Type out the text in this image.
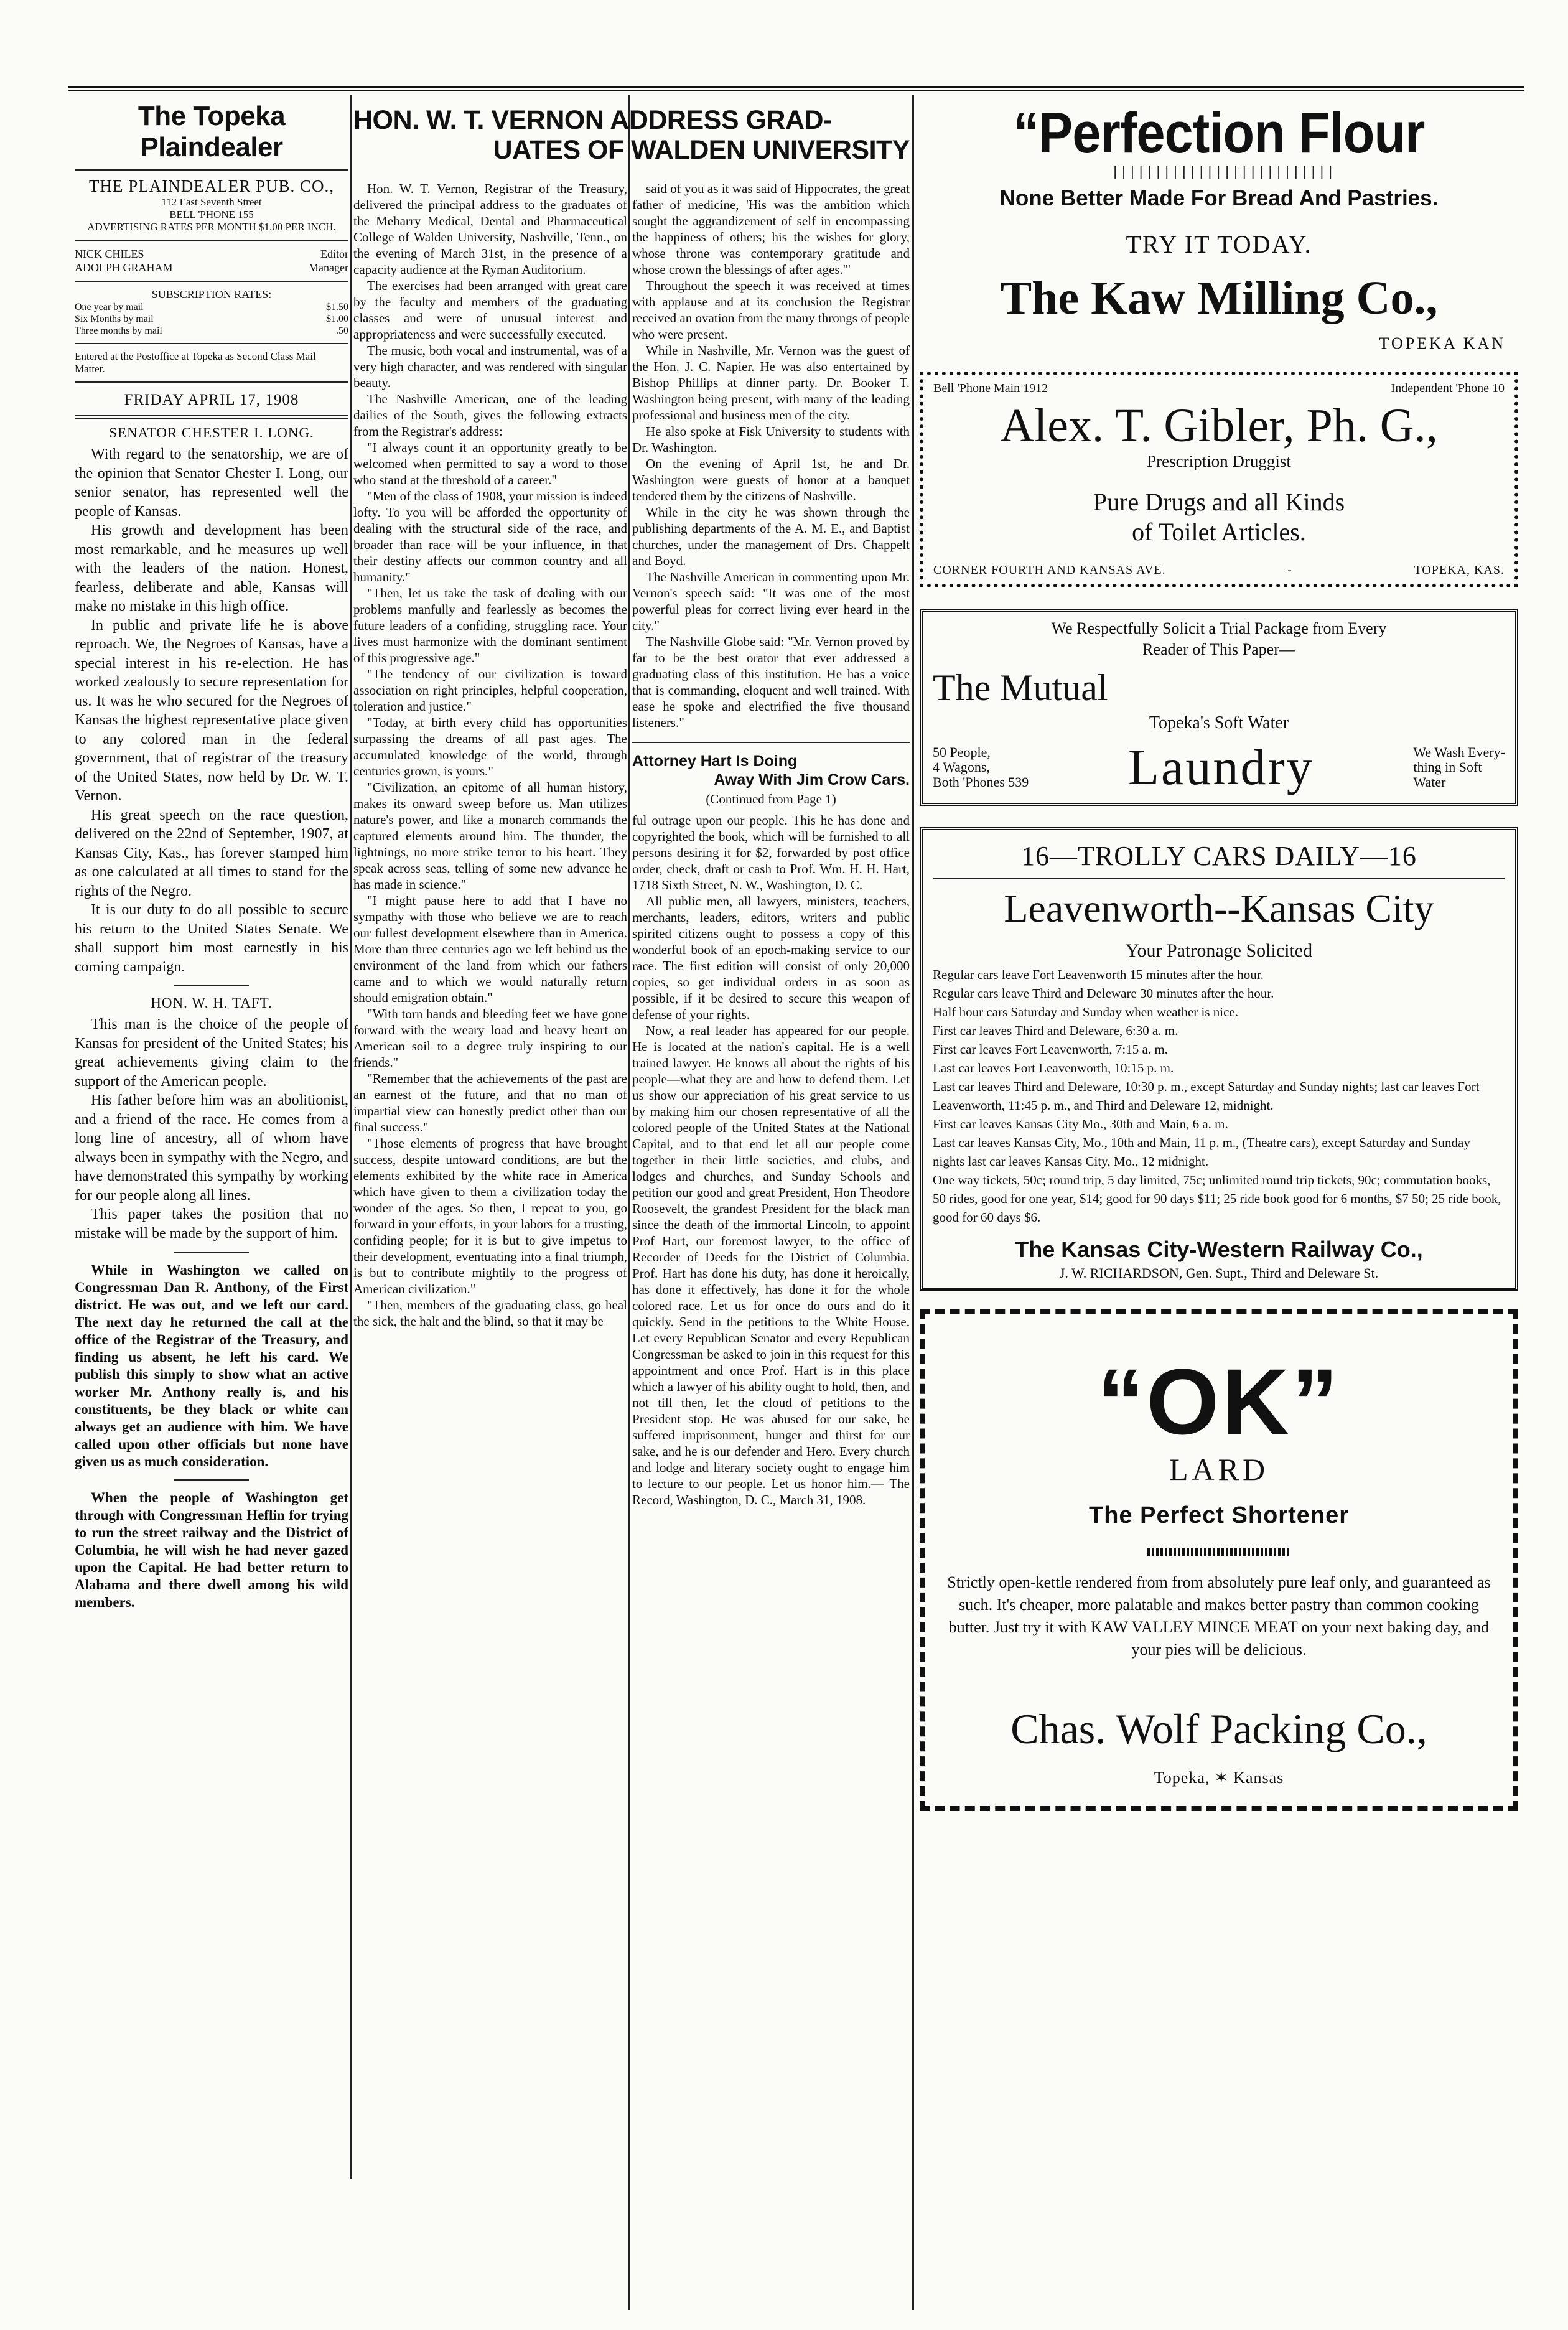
HON. W. T. VERNON ADDRESS GRAD-
UATES OF WALDEN UNIVERSITY
The Topeka Plaindealer
THE PLAINDEALER PUB. CO.,
112 East Seventh Street
BELL 'PHONE 155
ADVERTISING RATES PER MONTH $1.00 PER INCH.
NICK CHILES	Editor
ADOLPH GRAHAM	Manager
SUBSCRIPTION RATES:
One year by mail	$1.50
Six Months by mail	$1.00
Three months by mail	.50
Entered at the Postoffice at Topeka as Second Class Mail Matter.
FRIDAY APRIL 17, 1908
SENATOR CHESTER I. LONG.

With regard to the senatorship, we are of the opinion that Senator Chester I. Long, our senior senator, has represented well the people of Kansas.

His growth and development has been most remarkable, and he measures up well with the leaders of the nation. Honest, fearless, deliberate and able, Kansas will make no mistake in this high office.

In public and private life he is above reproach. We, the Negroes of Kansas, have a special interest in his re-election. He has worked zealously to secure representation for us. It was he who secured for the Negroes of Kansas the highest representative place given to any colored man in the federal government, that of registrar of the treasury of the United States, now held by Dr. W. T. Vernon.

His great speech on the race question, delivered on the 22nd of September, 1907, at Kansas City, Kas., has forever stamped him as one calculated at all times to stand for the rights of the Negro.

It is our duty to do all possible to secure his return to the United States Senate. We shall support him most earnestly in his coming campaign.

HON. W. H. TAFT.

This man is the choice of the people of Kansas for president of the United States; his great achievements giving claim to the support of the American people.

His father before him was an abolitionist, and a friend of the race. He comes from a long line of ancestry, all of whom have always been in sympathy with the Negro, and have demonstrated this sympathy by working for our people along all lines.

This paper takes the position that no mistake will be made by the support of him.

While in Washington we called on Congressman Dan R. Anthony, of the First district. He was out, and we left our card. The next day he returned the call at the office of the Registrar of the Treasury, and finding us absent, he left his card. We publish this simply to show what an active worker Mr. Anthony really is, and his constituents, be they black or white can always get an audience with him. We have called upon other officials but none have given us as much consideration.

When the people of Washington get through with Congressman Heflin for trying to run the street railway and the District of Columbia, he will wish he had never gazed upon the Capital. He had better return to Alabama and there dwell among his wild members.

Hon. W. T. Vernon, Registrar of the Treasury, delivered the principal address to the graduates of the Meharry Medical, Dental and Pharmaceutical College of Walden University, Nashville, Tenn., on the evening of March 31st, in the presence of a capacity audience at the Ryman Auditorium.

The exercises had been arranged with great care by the faculty and members of the graduating classes and were of unusual interest and appropriateness and were successfully executed.

The music, both vocal and instrumental, was of a very high character, and was rendered with singular beauty.

The Nashville American, one of the leading dailies of the South, gives the following extracts from the Registrar's address:

"I always count it an opportunity greatly to be welcomed when permitted to say a word to those who stand at the threshold of a career."

"Men of the class of 1908, your mission is indeed lofty. To you will be afforded the opportunity of dealing with the structural side of the race, and broader than race will be your influence, in that their destiny affects our common country and all humanity."

"Then, let us take the task of dealing with our problems manfully and fearlessly as becomes the future leaders of a confiding, struggling race. Your lives must harmonize with the dominant sentiment of this progressive age."

"The tendency of our civilization is toward association on right principles, helpful cooperation, toleration and justice."

"Today, at birth every child has opportunities surpassing the dreams of all past ages. The accumulated knowledge of the world, through centuries grown, is yours."

"Civilization, an epitome of all human history, makes its onward sweep before us. Man utilizes nature's power, and like a monarch commands the captured elements around him. The thunder, the lightnings, no more strike terror to his heart. They speak across seas, telling of some new advance he has made in science."

"I might pause here to add that I have no sympathy with those who believe we are to reach our fullest development elsewhere than in America. More than three centuries ago we left behind us the environment of the land from which our fathers came and to which we would naturally return should emigration obtain."

"With torn hands and bleeding feet we have gone forward with the weary load and heavy heart on American soil to a degree truly inspiring to our friends."

"Remember that the achievements of the past are an earnest of the future, and that no man of impartial view can honestly predict other than our final success."

"Those elements of progress that have brought success, despite untoward conditions, are but the elements exhibited by the white race in America which have given to them a civilization today the wonder of the ages. So then, I repeat to you, go forward in your efforts, in your labors for a trusting, confiding people; for it is but to give impetus to their development, eventuating into a final triumph, is but to contribute mightily to the progress of American civilization."

"Then, members of the graduating class, go heal the sick, the halt and the blind, so that it may be

said of you as it was said of Hippocrates, the great father of medicine, 'His was the ambition which sought the aggrandizement of self in encompassing the happiness of others; his the wishes for glory, whose throne was contemporary gratitude and whose crown the blessings of after ages.'"

Throughout the speech it was received at times with applause and at its conclusion the Registrar received an ovation from the many throngs of people who were present.

While in Nashville, Mr. Vernon was the guest of the Hon. J. C. Napier. He was also entertained by Bishop Phillips at dinner party. Dr. Booker T. Washington being present, with many of the leading professional and business men of the city.

He also spoke at Fisk University to students with Dr. Washington.

On the evening of April 1st, he and Dr. Washington were guests of honor at a banquet tendered them by the citizens of Nashville.

While in the city he was shown through the publishing departments of the A. M. E., and Baptist churches, under the management of Drs. Chappelt and Boyd.

The Nashville American in commenting upon Mr. Vernon's speech said: "It was one of the most powerful pleas for correct living ever heard in the city."

The Nashville Globe said: "Mr. Vernon proved by far to be the best orator that ever addressed a graduating class of this institution. He has a voice that is commanding, eloquent and well trained. With ease he spoke and electrified the five thousand listeners."

Attorney Hart Is Doing
Away With Jim Crow Cars.
(Continued from Page 1)

ful outrage upon our people. This he has done and copyrighted the book, which will be furnished to all persons desiring it for $2, forwarded by post office order, check, draft or cash to Prof. Wm. H. H. Hart, 1718 Sixth Street, N. W., Washington, D. C.

All public men, all lawyers, ministers, teachers, merchants, leaders, editors, writers and public spirited citizens ought to possess a copy of this wonderful book of an epoch-making service to our race. The first edition will consist of only 20,000 copies, so get individual orders in as soon as possible, if it be desired to secure this weapon of defense of your rights.

Now, a real leader has appeared for our people. He is located at the nation's capital. He is a well trained lawyer. He knows all about the rights of his people—what they are and how to defend them. Let us show our appreciation of his great service to us by making him our chosen representative of all the colored people of the United States at the National Capital, and to that end let all our people come together in their little societies, and clubs, and lodges and churches, and Sunday Schools and petition our good and great President, Hon Theodore Roosevelt, the grandest President for the black man since the death of the immortal Lincoln, to appoint Prof Hart, our foremost lawyer, to the office of Recorder of Deeds for the District of Columbia. Prof. Hart has done his duty, has done it heroically, has done it effectively, has done it for the whole colored race. Let us for once do ours and do it quickly. Send in the petitions to the White House. Let every Republican Senator and every Republican Congressman be asked to join in this request for this appointment and once Prof. Hart is in this place which a lawyer of his ability ought to hold, then, and not till then, let the cloud of petitions to the President stop. He was abused for our sake, he suffered imprisonment, hunger and thirst for our sake, and he is our defender and Hero. Every church and lodge and literary society ought to engage him to lecture to our people. Let us honor him.— The Record, Washington, D. C., March 31, 1908.

“Perfection Flour
▕▕▕▕▕▕▕▕▕▕▕▕▕▕▕▕▕▕▕▕▕▕▕▕▕▕
None Better Made For Bread And Pastries.
TRY IT TODAY.
The Kaw Milling Co.,
TOPEKA KAN
Bell 'Phone Main 1912	Independent 'Phone 10
Alex. T. Gibler, Ph. G.,
Prescription Druggist
Pure Drugs and all Kinds
of Toilet Articles.
CORNER FOURTH AND KANSAS AVE.	-	TOPEKA, KAS.
We Respectfully Solicit a Trial Package from Every
Reader of This Paper—
The Mutual
Topeka's Soft Water
50 People,
4 Wagons,
Both 'Phones 539 Laundry	We Wash Every-
thing in Soft
Water
16—TROLLY CARS DAILY—16
Leavenworth--Kansas City
Your Patronage Solicited
Regular cars leave Fort Leavenworth 15 minutes after the hour.
Regular cars leave Third and Deleware 30 minutes after the hour.
Half hour cars Saturday and Sunday when weather is nice.
First car leaves Third and Deleware, 6:30 a. m.
First car leaves Fort Leavenworth, 7:15 a. m.
Last car leaves Fort Leavenworth, 10:15 p. m.
Last car leaves Third and Deleware, 10:30 p. m., except Saturday and Sunday nights; last car leaves Fort Leavenworth, 11:45 p. m., and Third and Deleware 12, midnight.
First car leaves Kansas City Mo., 30th and Main, 6 a. m.
Last car leaves Kansas City, Mo., 10th and Main, 11 p. m., (Theatre cars), except Saturday and Sunday nights last car leaves Kansas City, Mo., 12 midnight.
One way tickets, 50c; round trip, 5 day limited, 75c; unlimited round trip tickets, 90c; commutation books, 50 rides, good for one year, $14; good for 90 days $11; 25 ride book good for 6 months, $7 50; 25 ride book, good for 60 days $6.
The Kansas City-Western Railway Co.,
J. W. RICHARDSON, Gen. Supt., Third and Deleware St.
“OK”
LARD
The Perfect Shortener
Strictly open-kettle rendered from from absolutely pure leaf only, and guaranteed as such. It's cheaper, more palatable and makes better pastry than common cooking butter. Just try it with KAW VALLEY MINCE MEAT on your next baking day, and your pies will be delicious.
Chas. Wolf Packing Co.,
Topeka, ✶ Kansas
